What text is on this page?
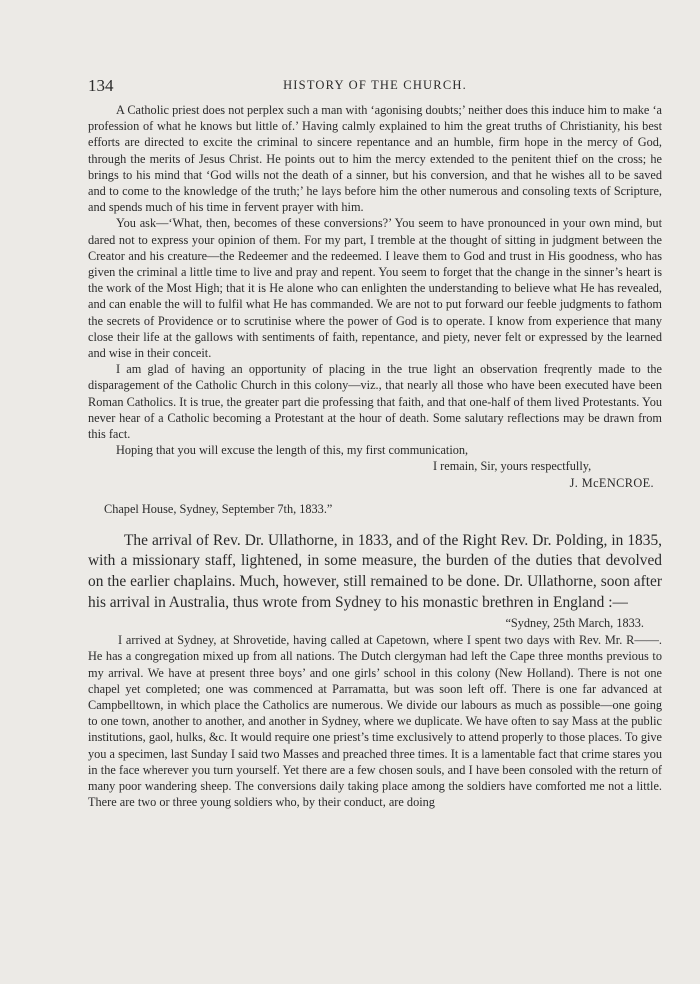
134	HISTORY OF THE CHURCH.

A Catholic priest does not perplex such a man with ‘agonising doubts;’ neither does this induce him to make ‘a profession of what he knows but little of.’ Having calmly explained to him the great truths of Christianity, his best efforts are directed to excite the criminal to sincere repentance and an humble, firm hope in the mercy of God, through the merits of Jesus Christ. He points out to him the mercy extended to the penitent thief on the cross; he brings to his mind that ‘God wills not the death of a sinner, but his conversion, and that he wishes all to be saved and to come to the knowledge of the truth;’ he lays before him the other numerous and consoling texts of Scripture, and spends much of his time in fervent prayer with him.

You ask—‘What, then, becomes of these conversions?’ You seem to have pronounced in your own mind, but dared not to express your opinion of them. For my part, I tremble at the thought of sitting in judgment between the Creator and his creature—the Redeemer and the redeemed. I leave them to God and trust in His goodness, who has given the criminal a little time to live and pray and repent. You seem to forget that the change in the sinner’s heart is the work of the Most High; that it is He alone who can enlighten the understanding to believe what He has revealed, and can enable the will to fulfil what He has commanded. We are not to put forward our feeble judgments to fathom the secrets of Providence or to scrutinise where the power of God is to operate. I know from experience that many close their life at the gallows with sentiments of faith, repentance, and piety, never felt or expressed by the learned and wise in their conceit.

I am glad of having an opportunity of placing in the true light an observation freqrently made to the disparagement of the Catholic Church in this colony—viz., that nearly all those who have been executed have been Roman Catholics. It is true, the greater part die professing that faith, and that one-half of them lived Protestants. You never hear of a Catholic becoming a Protestant at the hour of death. Some salutary reflections may be drawn from this fact.

Hoping that you will excuse the length of this, my first communication,
I remain, Sir, yours respectfully,
J. McENCROE.
Chapel House, Sydney, September 7th, 1833.”

The arrival of Rev. Dr. Ullathorne, in 1833, and of the Right Rev. Dr. Polding, in 1835, with a missionary staff, lightened, in some measure, the burden of the duties that devolved on the earlier chaplains. Much, however, still remained to be done. Dr. Ullathorne, soon after his arrival in Australia, thus wrote from Sydney to his monastic brethren in England :—

“Sydney, 25th March, 1833.

I arrived at Sydney, at Shrovetide, having called at Capetown, where I spent two days with Rev. Mr. R——. He has a congregation mixed up from all nations. The Dutch clergyman had left the Cape three months previous to my arrival. We have at present three boys’ and one girls’ school in this colony (New Holland). There is not one chapel yet completed; one was commenced at Parramatta, but was soon left off. There is one far advanced at Campbelltown, in which place the Catholics are numerous. We divide our labours as much as possible—one going to one town, another to another, and another in Sydney, where we duplicate. We have often to say Mass at the public institutions, gaol, hulks, &c. It would require one priest’s time exclusively to attend properly to those places. To give you a specimen, last Sunday I said two Masses and preached three times. It is a lamentable fact that crime stares you in the face wherever you turn yourself. Yet there are a few chosen souls, and I have been consoled with the return of many poor wandering sheep. The conversions daily taking place among the soldiers have comforted me not a little. There are two or three young soldiers who, by their conduct, are doing
